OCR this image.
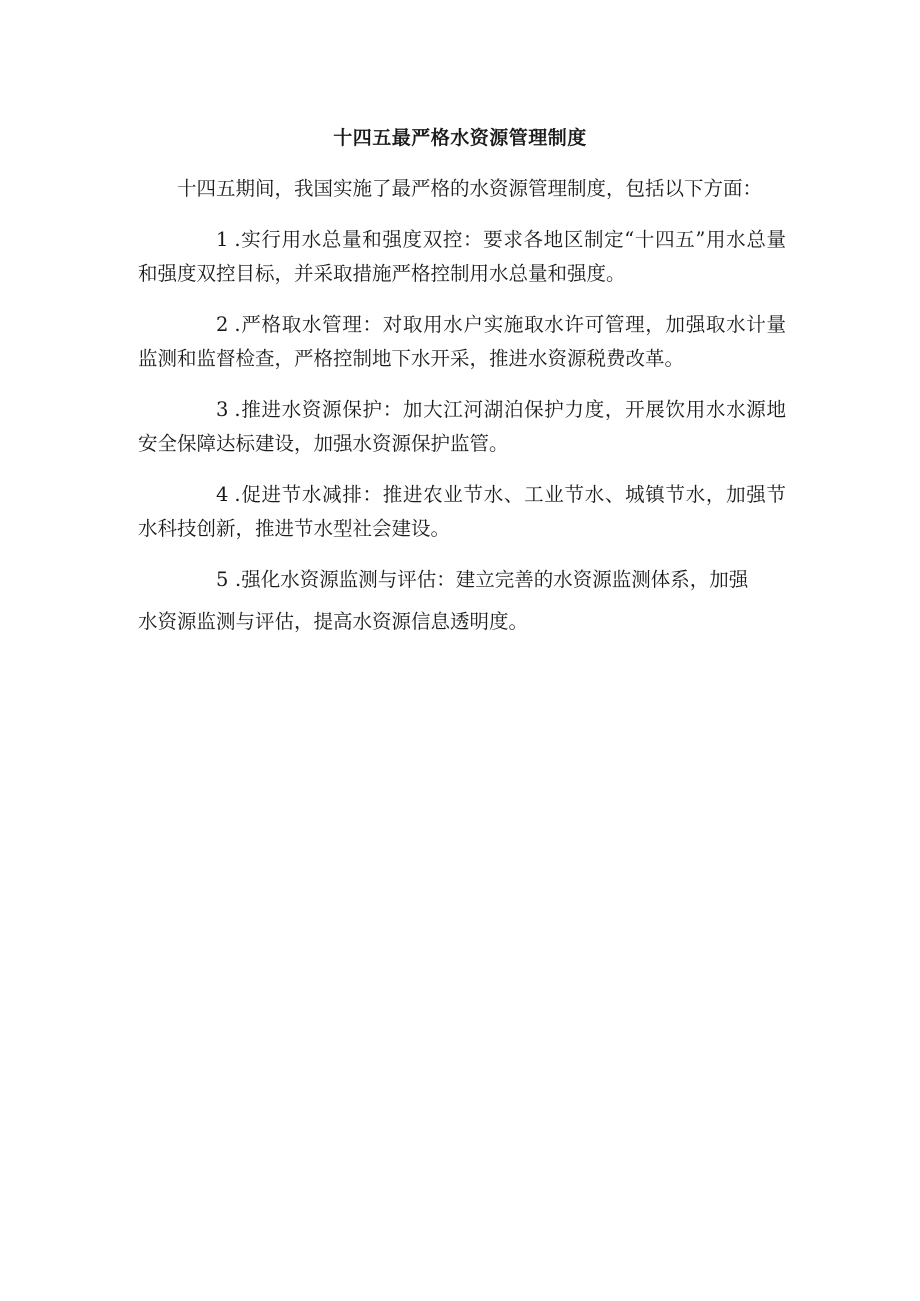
十四五最严格水资源管理制度

十四五期间，我国实施了最严格的水资源管理制度，包括以下方面：

1.实行用水总量和强度双控：要求各地区制定“十四五”用水总量和强度双控目标，并采取措施严格控制用水总量和强度。

2.严格取水管理：对取用水户实施取水许可管理，加强取水计量监测和监督检查，严格控制地下水开采，推进水资源税费改革。

3.推进水资源保护：加大江河湖泊保护力度，开展饮用水水源地安全保障达标建设，加强水资源保护监管。

4.促进节水减排：推进农业节水、工业节水、城镇节水，加强节水科技创新，推进节水型社会建设。

5 .强化水资源监测与评估：建立完善的水资源监测体系，加强
水资源监测与评估，提高水资源信息透明度。
